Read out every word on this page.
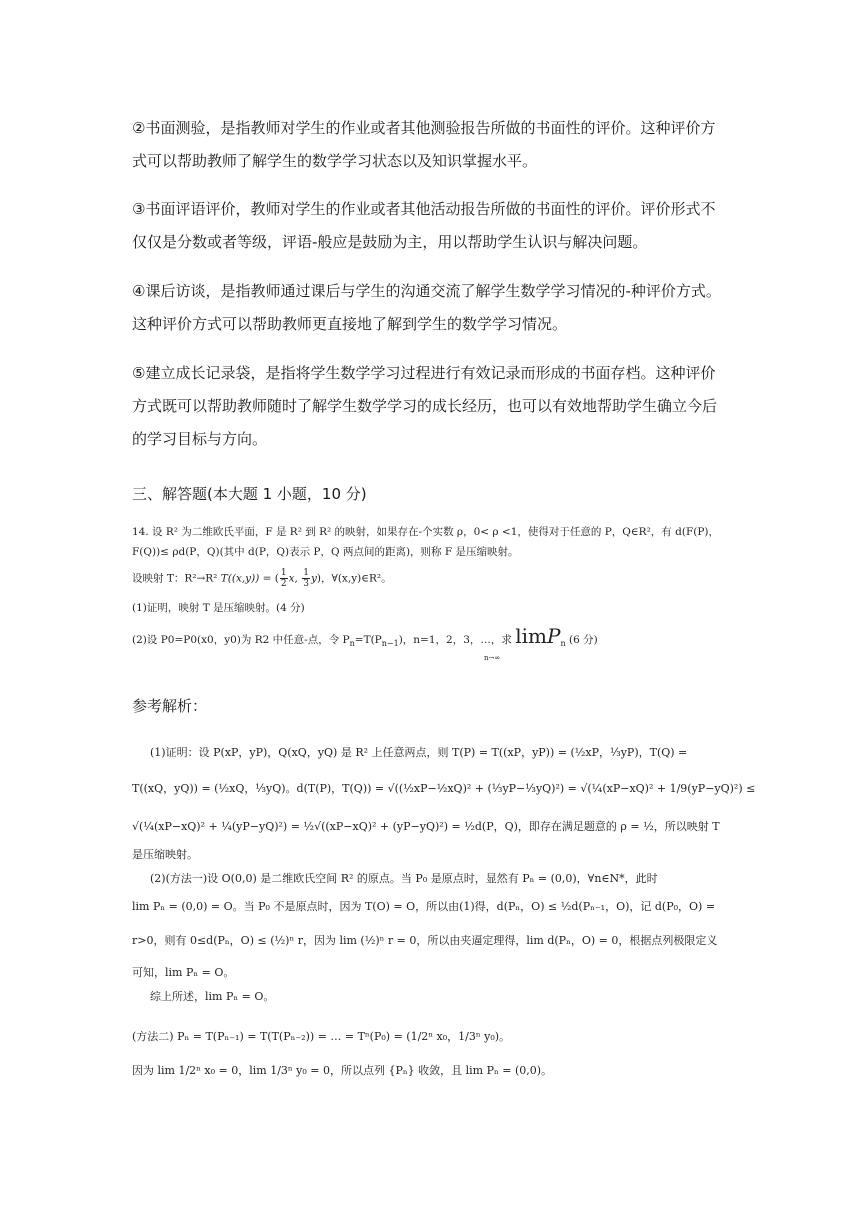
②书面测验，是指教师对学生的作业或者其他测验报告所做的书面性的评价。这种评价方
式可以帮助教师了解学生的数学学习状态以及知识掌握水平。
③书面评语评价，教师对学生的作业或者其他活动报告所做的书面性的评价。评价形式不
仅仅是分数或者等级，评语-般应是鼓励为主，用以帮助学生认识与解决问题。
④课后访谈，是指教师通过课后与学生的沟通交流了解学生数学学习情况的-种评价方式。
这种评价方式可以帮助教师更直接地了解到学生的数学学习情况。
⑤建立成长记录袋，是指将学生数学学习过程进行有效记录而形成的书面存档。这种评价
方式既可以帮助教师随时了解学生数学学习的成长经历，也可以有效地帮助学生确立今后
的学习目标与方向。
三、解答题(本大题 1 小题，10 分)
14. 设 R² 为二维欧氏平面，F 是 R² 到 R² 的映射，如果存在-个实数 ρ，0< ρ <1，使得对于任意的 P，Q∈R²，有 d(F(P)，
F(Q))≤ ρd(P，Q)(其中 d(P，Q)表示 P，Q 两点间的距离)，则称 F 是压缩映射。
设映射 T：R²→R² T((x,y)) = ( $\frac{1}{2} x$, $\frac{1}{3} y$)，∀(x,y)∈R²。
(1)证明，映射 T 是压缩映射。(4 分)
(2)设 P0=P0(x0，y0)为 R2 中任意-点，令 $P_n=T(P_{n-1})$，n=1，2，3，…，求 limP$_n$ (6 分)
n→∞
参考解析：
(1)证明：设 P(xP，yP)，Q(xQ，yQ) 是 R² 上任意两点，则 T(P) = T((xP，yP)) = (½xP，⅓yP)，T(Q) =
T((xQ，yQ)) = (½xQ，⅓yQ)。d(T(P)，T(Q)) = √((½xP−½xQ)² + (⅓yP−⅓yQ)²) = √(¼(xP−xQ)² + 1/9(yP−yQ)²) ≤
√(¼(xP−xQ)² + ¼(yP−yQ)²) = ½√((xP−xQ)² + (yP−yQ)²) = ½d(P，Q)，即存在满足题意的 ρ = ½，所以映射 T
是压缩映射。
(2)(方法一)设 O(0,0) 是二维欧氏空间 R² 的原点。当 P₀ 是原点时，显然有 Pₙ = (0,0)，∀n∈N*，此时
lim Pₙ = (0,0) = O。当 P₀ 不是原点时，因为 T(O) = O，所以由(1)得，d(Pₙ，O) ≤ ½d(Pₙ₋₁，O)，记 d(P₀，O) =
r>0，则有 0≤d(Pₙ，O) ≤ (½)ⁿ r，因为 lim (½)ⁿ r = 0，所以由夹逼定理得，lim d(Pₙ，O) = 0，根据点列极限定义
可知，lim Pₙ = O。
综上所述，lim Pₙ = O。
(方法二) Pₙ = T(Pₙ₋₁) = T(T(Pₙ₋₂)) = … = Tⁿ(P₀) = (1/2ⁿ x₀，1/3ⁿ y₀)。
因为 lim 1/2ⁿ x₀ = 0，lim 1/3ⁿ y₀ = 0，所以点列 {Pₙ} 收敛，且 lim Pₙ = (0,0)。
